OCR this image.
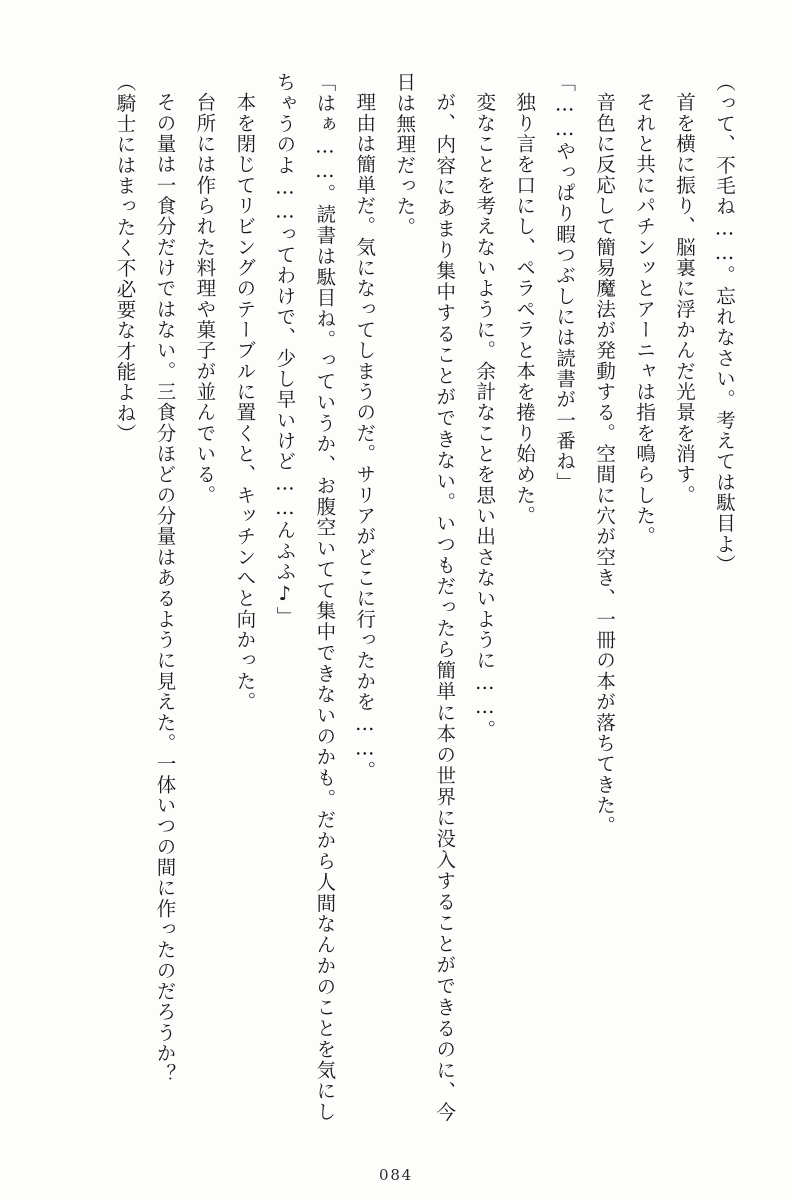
（って、不毛ね……。忘れなさい。考えては駄目よ）

首を横に振り、脳裏に浮かんだ光景を消す。

それと共にパチンッとアーニャは指を鳴らした。

音色に反応して簡易魔法が発動する。空間に穴が空き、一冊の本が落ちてきた。

「……やっぱり暇つぶしには読書が一番ね」

独り言を口にし、ペラペラと本を捲り始めた。

変なことを考えないように。余計なことを思い出さないように……。

が、内容にあまり集中することができない。いつもだったら簡単に本の世界に没入することができるのに、今日は無理だった。

理由は簡単だ。気になってしまうのだ。サリアがどこに行ったかを……。

「はぁ……。読書は駄目ね。っていうか、お腹空いてて集中できないのかも。だから人間なんかのことを気にしちゃうのよ……ってわけで、少し早いけど……んふふ♪」

本を閉じてリビングのテーブルに置くと、キッチンへと向かった。

台所には作られた料理や菓子が並んでいる。

その量は一食分だけではない。三食分ほどの分量はあるように見えた。一体いつの間に作ったのだろうか？

（騎士にはまったく不必要な才能よね）

084
